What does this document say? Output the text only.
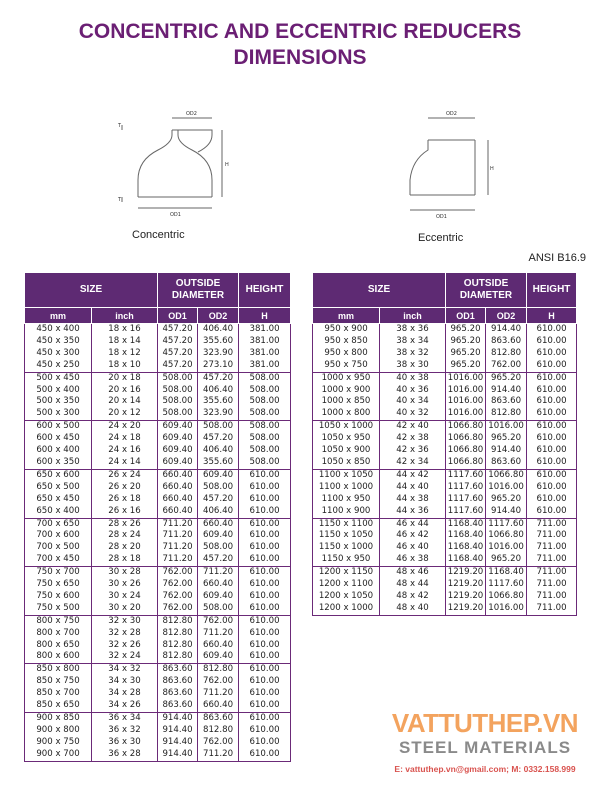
CONCENTRIC AND ECCENTRIC REDUCERS
DIMENSIONS
OD2
OD1
H
T
T
OD2
OD1
H
Concentric	Eccentric
ANSI B16.9
SIZE		OUTSIDE
DIAMETER		HEIGHT
mm	inch	OD1	OD2	H
450 x 400	18 x 16	457.20	406.40	381.00
450 x 350	18 x 14	457.20	355.60	381.00
450 x 300	18 x 12	457.20	323.90	381.00
450 x 250	18 x 10	457.20	273.10	381.00
500 x 450	20 x 18	508.00	457.20	508.00
500 x 400	20 x 16	508.00	406.40	508.00
500 x 350	20 x 14	508.00	355.60	508.00
500 x 300	20 x 12	508.00	323.90	508.00
600 x 500	24 x 20	609.40	508.00	508.00
600 x 450	24 x 18	609.40	457.20	508.00
600 x 400	24 x 16	609.40	406.40	508.00
600 x 350	24 x 14	609.40	355.60	508.00
650 x 600	26 x 24	660.40	609.40	610.00
650 x 500	26 x 20	660.40	508.00	610.00
650 x 450	26 x 18	660.40	457.20	610.00
650 x 400	26 x 16	660.40	406.40	610.00
700 x 650	28 x 26	711.20	660.40	610.00
700 x 600	28 x 24	711.20	609.40	610.00
700 x 500	28 x 20	711.20	508.00	610.00
700 x 450	28 x 18	711.20	457.20	610.00
750 x 700	30 x 28	762.00	711.20	610.00
750 x 650	30 x 26	762.00	660.40	610.00
750 x 600	30 x 24	762.00	609.40	610.00
750 x 500	30 x 20	762.00	508.00	610.00
800 x 750	32 x 30	812.80	762.00	610.00
800 x 700	32 x 28	812.80	711.20	610.00
800 x 650	32 x 26	812.80	660.40	610.00
800 x 600	32 x 24	812.80	609.40	610.00
850 x 800	34 x 32	863.60	812.80	610.00
850 x 750	34 x 30	863.60	762.00	610.00
850 x 700	34 x 28	863.60	711.20	610.00
850 x 650	34 x 26	863.60	660.40	610.00
900 x 850	36 x 34	914.40	863.60	610.00
900 x 800	36 x 32	914.40	812.80	610.00
900 x 750	36 x 30	914.40	762.00	610.00
900 x 700	36 x 28	914.40	711.20	610.00
SIZE		OUTSIDE
DIAMETER		HEIGHT
mm	inch	OD1	OD2	H
950 x 900	38 x 36	965.20	914.40	610.00
950 x 850	38 x 34	965.20	863.60	610.00
950 x 800	38 x 32	965.20	812.80	610.00
950 x 750	38 x 30	965.20	762.00	610.00
1000 x 950	40 x 38	1016.00	965.20	610.00
1000 x 900	40 x 36	1016.00	914.40	610.00
1000 x 850	40 x 34	1016.00	863.60	610.00
1000 x 800	40 x 32	1016.00	812.80	610.00
1050 x 1000	42 x 40	1066.80	1016.00	610.00
1050 x 950	42 x 38	1066.80	965.20	610.00
1050 x 900	42 x 36	1066.80	914.40	610.00
1050 x 850	42 x 34	1066.80	863.60	610.00
1100 x 1050	44 x 42	1117.60	1066.80	610.00
1100 x 1000	44 x 40	1117.60	1016.00	610.00
1100 x 950	44 x 38	1117.60	965.20	610.00
1100 x 900	44 x 36	1117.60	914.40	610.00
1150 x 1100	46 x 44	1168.40	1117.60	711.00
1150 x 1050	46 x 42	1168.40	1066.80	711.00
1150 x 1000	46 x 40	1168.40	1016.00	711.00
1150 x 950	46 x 38	1168.40	965.20	711.00
1200 x 1150	48 x 46	1219.20	1168.40	711.00
1200 x 1100	48 x 44	1219.20	1117.60	711.00
1200 x 1050	48 x 42	1219.20	1066.80	711.00
1200 x 1000	48 x 40	1219.20	1016.00	711.00
VATTUTHEP.VN
STEEL MATERIALS
E: vattuthep.vn@gmail.com; M: 0332.158.999
